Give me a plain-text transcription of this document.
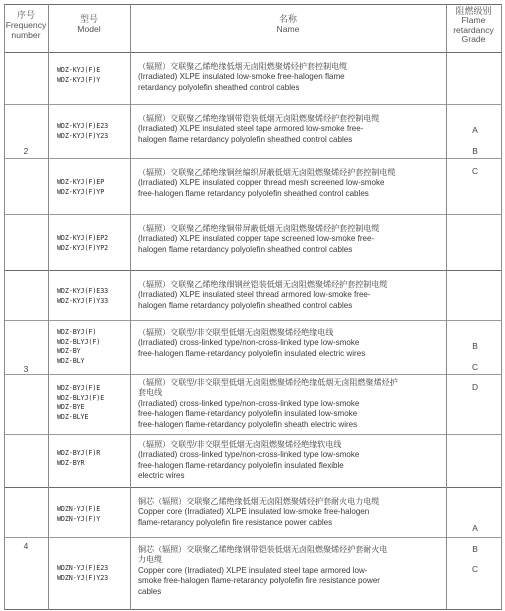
序号
Frequency
number
型号
Model
名称
Name
阻燃级别
Flame
retardancy
Grade
2
A
B
C
WDZ-KYJ(F)E
WDZ-KYJ(F)Y
（辐照）交联聚乙烯绝缘低烟无卤阻燃聚烯烃护套控制电缆
(Irradiated) XLPE insulated low-smoke free-halogen flame
retardancy polyolefin sheathed control cables
WDZ-KYJ(F)E23
WDZ-KYJ(F)Y23
（辐照）交联聚乙烯绝缘钢带铠装低烟无卤阻燃聚烯烃护套控制电缆
(Irradiated) XLPE insulated steel tape armored low-smoke free-
halogen flame retardancy polyolefin sheathed control cables
WDZ-KYJ(F)EP
WDZ-KYJ(F)YP
（辐照）交联聚乙烯绝缘铜丝编织屏蔽低烟无卤阻燃聚烯烃护套控制电缆
(Irradiated) XLPE insulated copper thread mesh screened low-smoke
free-halogen flame retardancy polyolefin sheathed control cables
WDZ-KYJ(F)EP2
WDZ-KYJ(F)YP2
（辐照）交联聚乙烯绝缘铜带屏蔽低烟无卤阻燃聚烯烃护套控制电缆
(Irradiated) XLPE insulated copper tape screened low-smoke free-
halogen flame retardancy polyolefin sheathed control cables
3
B
C
D
WDZ-KYJ(F)E33
WDZ-KYJ(F)Y33
（辐照）交联聚乙烯绝缘细钢丝铠装低烟无卤阻燃聚烯烃护套控制电缆
(Irradiated) XLPE insulated steel thread armored low-smoke free-
halogen flame retardancy polyolefin sheathed control cables
WDZ-BYJ(F)
WDZ-BLYJ(F)
WDZ-BY
WDZ-BLY
（辐照）交联型/非交联型低烟无卤阻燃聚烯烃绝缘电线
(Irradiated) cross-linked type/non-cross-linked type low-smoke
free-halogen flame-retardancy polyolefin insulated electric wires
WDZ-BYJ(F)E
WDZ-BLYJ(F)E
WDZ-BYE
WDZ-BLYE
（辐照）交联型/非交联型低烟无卤阻燃聚烯烃绝缘低烟无卤阻燃聚烯烃护
套电线
(Irradiated) cross-linked type/non-cross-linked type low-smoke
free-halogen flame-retardancy polyolefin insulated low-smoke
free-halogen flame-retardancy polyolefin sheath electric wires
WDZ-BYJ(F)R
WDZ-BYR
（辐照）交联型/非交联型低烟无卤阻燃聚烯烃绝缘软电线
(Irradiated) cross-linked type/non-cross-linked type low-smoke
free-halogen flame-retardancy polyolefin insulated flexible
electric wires
4
A
B
C
WDZN-YJ(F)E
WDZN-YJ(F)Y
铜芯（辐照）交联聚乙烯绝缘低烟无卤阻燃聚烯烃护套耐火电力电缆
Copper core (Irradiated) XLPE insulated low-smoke free-halogen
flame-retarancy polyolefin fire resistance power cables
WDZN-YJ(F)E23
WDZN-YJ(F)Y23
铜芯（辐照）交联聚乙烯绝缘钢带铠装低烟无卤阻燃聚烯烃护套耐火电
力电缆
Copper core (Irradiated) XLPE insulated steel tape armored low-
smoke free-halogen flame-retarancy polyolefin fire resistance power
cables
